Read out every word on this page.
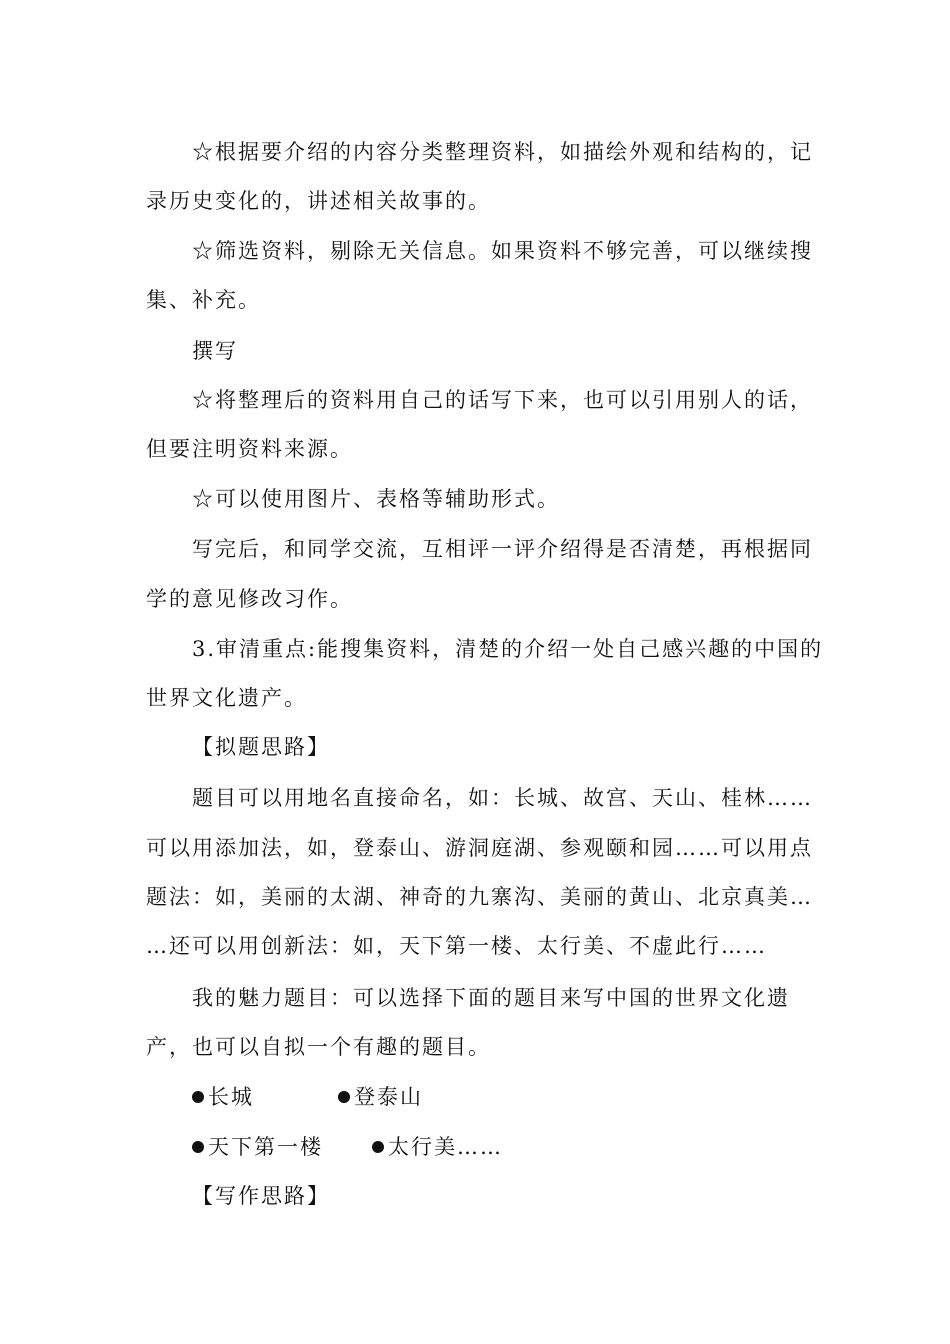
☆根据要介绍的内容分类整理资料，如描绘外观和结构的，记

录历史变化的，讲述相关故事的。

☆筛选资料，剔除无关信息。如果资料不够完善，可以继续搜

集、补充。

撰写

☆将整理后的资料用自己的话写下来，也可以引用别人的话，

但要注明资料来源。

☆可以使用图片、表格等辅助形式。

写完后，和同学交流，互相评一评介绍得是否清楚，再根据同

学的意见修改习作。

3.审清重点:能搜集资料，清楚的介绍一处自己感兴趣的中国的

世界文化遗产。

【拟题思路】

题目可以用地名直接命名，如：长城、故宫、天山、桂林……

可以用添加法，如，登泰山、游洞庭湖、参观颐和园……可以用点

题法：如，美丽的太湖、神奇的九寨沟、美丽的黄山、北京真美…

…还可以用创新法：如，天下第一楼、太行美、不虚此行……

我的魅力题目：可以选择下面的题目来写中国的世界文化遗

产，也可以自拟一个有趣的题目。

长城	登泰山
天下第一楼	太行美……

【写作思路】
